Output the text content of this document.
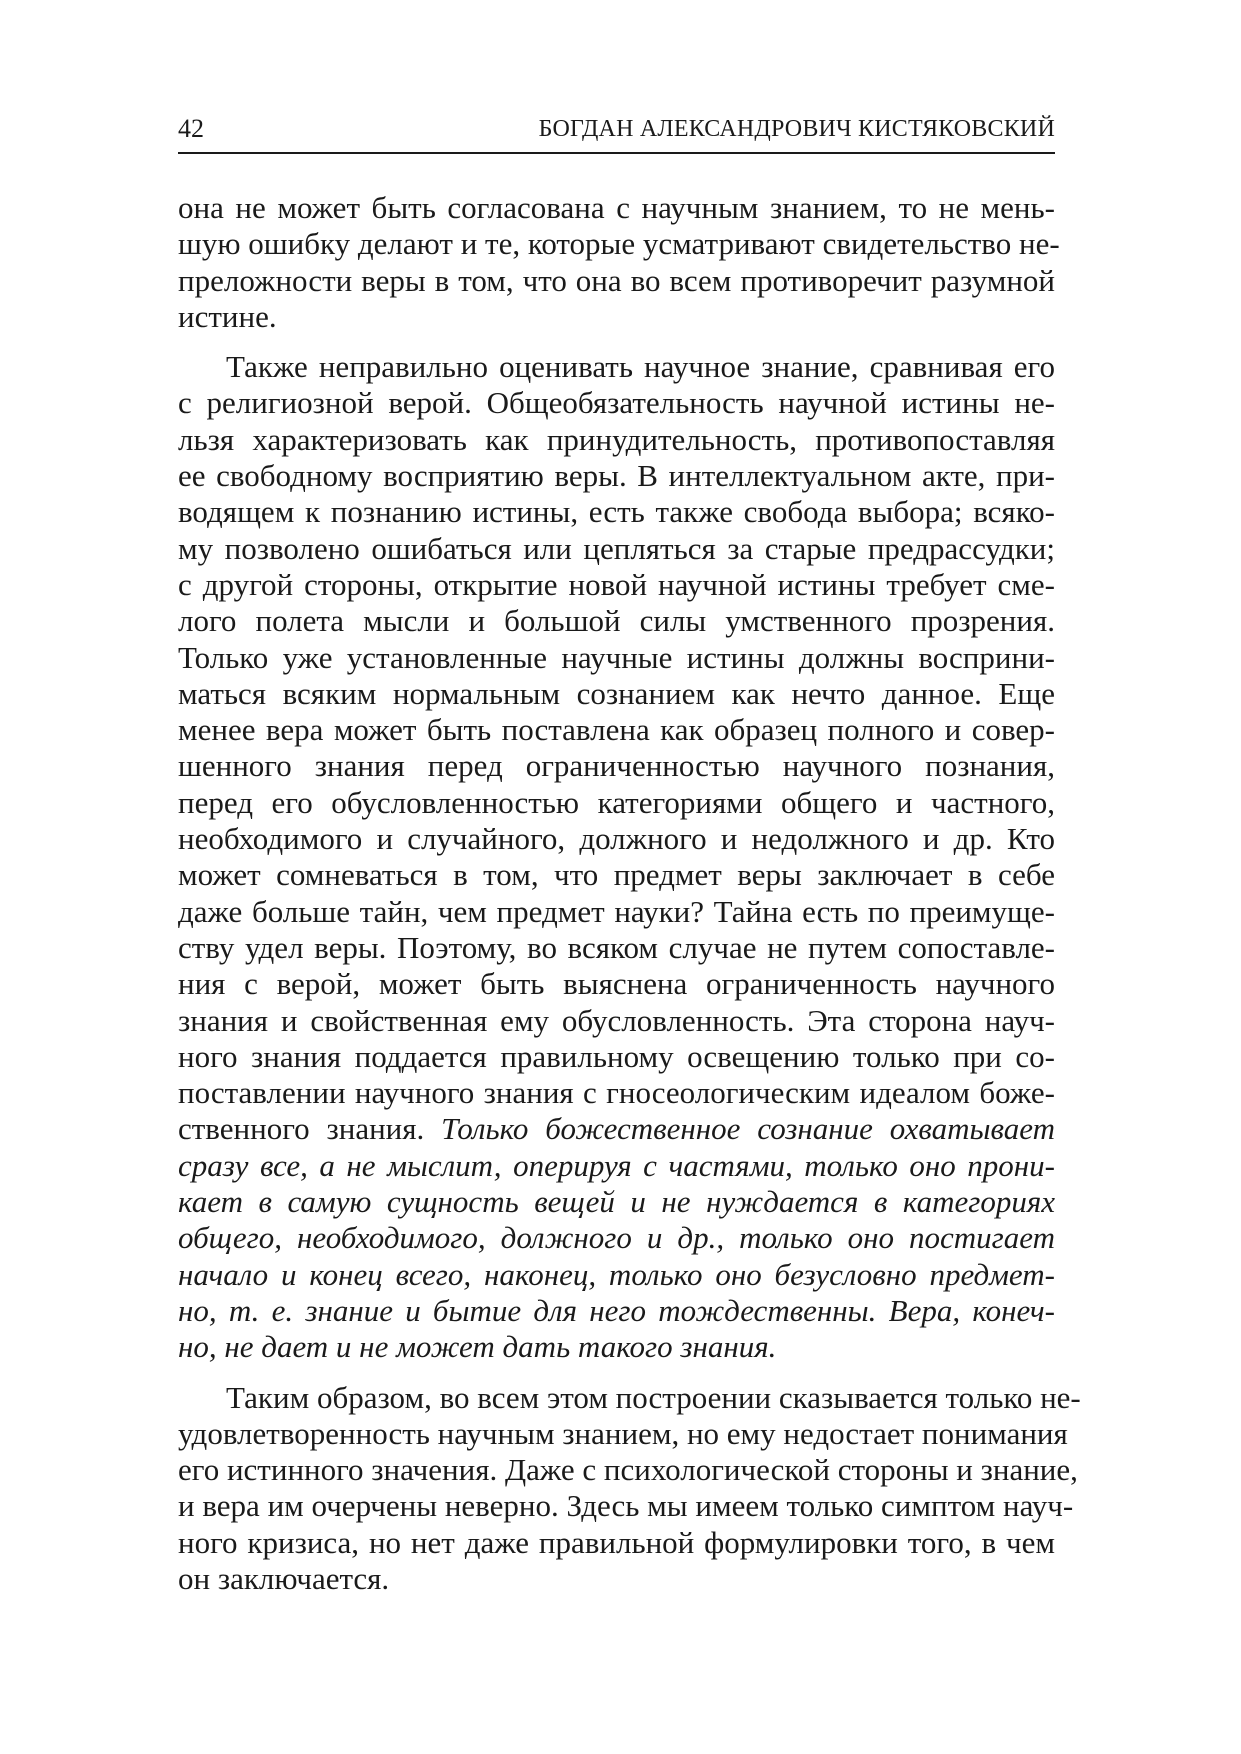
42	БОГДАН АЛЕКСАНДРОВИЧ КИСТЯКОВСКИЙ
она не может быть согласована с научным знанием, то не мень-
шую ошибку делают и те, которые усматривают свидетельство не-
преложности веры в том, что она во всем противоречит разумной
истине.
Также неправильно оценивать научное знание, сравнивая его
с религиозной верой. Общеобязательность научной истины не-
льзя характеризовать как принудительность, противопоставляя
ее свободному восприятию веры. В интеллектуальном акте, при-
водящем к познанию истины, есть также свобода выбора; всяко-
му позволено ошибаться или цепляться за старые предрассудки;
с другой стороны, открытие новой научной истины требует сме-
лого полета мысли и большой силы умственного прозрения.
Только уже установленные научные истины должны восприни-
маться всяким нормальным сознанием как нечто данное. Еще
менее вера может быть поставлена как образец полного и совер-
шенного знания перед ограниченностью научного познания,
перед его обусловленностью категориями общего и частного,
необходимого и случайного, должного и недолжного и др. Кто
может сомневаться в том, что предмет веры заключает в себе
даже больше тайн, чем предмет науки? Тайна есть по преимуще-
ству удел веры. Поэтому, во всяком случае не путем сопоставле-
ния с верой, может быть выяснена ограниченность научного
знания и свойственная ему обусловленность. Эта сторона науч-
ного знания поддается правильному освещению только при со-
поставлении научного знания с гносеологическим идеалом боже-
ственного знания. Только божественное сознание охватывает
сразу все, а не мыслит, оперируя с частями, только оно прони-
кает в самую сущность вещей и не нуждается в категориях
общего, необходимого, должного и др., только оно постигает
начало и конец всего, наконец, только оно безусловно предмет-
но, т. е. знание и бытие для него тождественны. Вера, конеч-
но, не дает и не может дать такого знания.
Таким образом, во всем этом построении сказывается только не-
удовлетворенность научным знанием, но ему недостает понимания
его истинного значения. Даже с психологической стороны и знание,
и вера им очерчены неверно. Здесь мы имеем только симптом науч-
ного кризиса, но нет даже правильной формулировки того, в чем
он заключается.
